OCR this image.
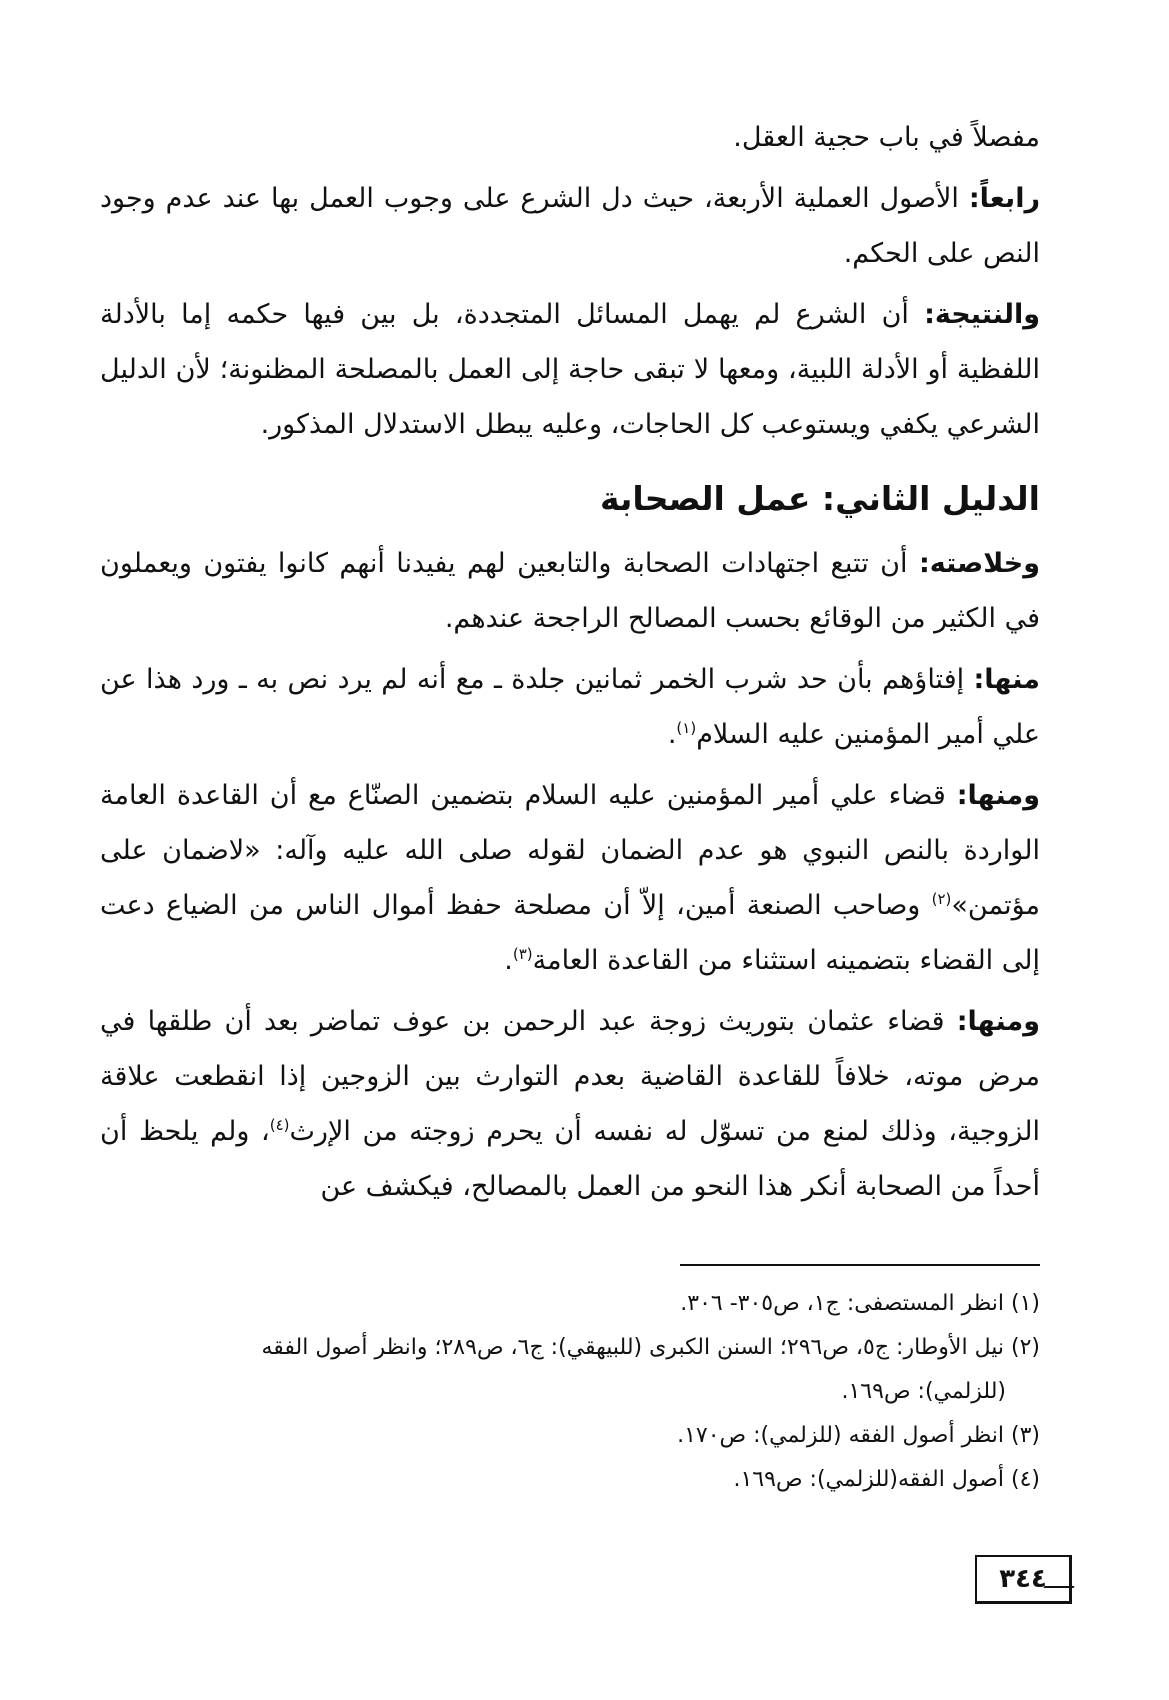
مفصلاً في باب حجية العقل.

رابعاً: الأصول العملية الأربعة، حيث دل الشرع على وجوب العمل بها عند عدم وجود النص على الحكم.

والنتيجة: أن الشرع لم يهمل المسائل المتجددة، بل بين فيها حكمه إما بالأدلة اللفظية أو الأدلة اللبية، ومعها لا تبقى حاجة إلى العمل بالمصلحة المظنونة؛ لأن الدليل الشرعي يكفي ويستوعب كل الحاجات، وعليه يبطل الاستدلال المذكور.

الدليل الثاني: عمل الصحابة

وخلاصته: أن تتبع اجتهادات الصحابة والتابعين لهم يفيدنا أنهم كانوا يفتون ويعملون في الكثير من الوقائع بحسب المصالح الراجحة عندهم.

منها: إفتاؤهم بأن حد شرب الخمر ثمانين جلدة ـ مع أنه لم يرد نص به ـ ورد هذا عن علي أمير المؤمنين عليه السلام$^{(١)}$.

ومنها: قضاء علي أمير المؤمنين عليه السلام بتضمين الصنّاع مع أن القاعدة العامة الواردة بالنص النبوي هو عدم الضمان لقوله صلى الله عليه وآله: «لاضمان على مؤتمن»$^{(٢)}$ وصاحب الصنعة أمين، إلاّ أن مصلحة حفظ أموال الناس من الضياع دعت إلى القضاء بتضمينه استثناء من القاعدة العامة$^{(٣)}$.

ومنها: قضاء عثمان بتوريث زوجة عبد الرحمن بن عوف تماضر بعد أن طلقها في مرض موته، خلافاً للقاعدة القاضية بعدم التوارث بين الزوجين إذا انقطعت علاقة الزوجية، وذلك لمنع من تسوّل له نفسه أن يحرم زوجته من الإرث$^{(٤)}$، ولم يلحظ أن أحداً من الصحابة أنكر هذا النحو من العمل بالمصالح، فيكشف عن

(١) انظر المستصفى: ج١، ص٣٠٥- ٣٠٦.

(٢) نيل الأوطار: ج٥، ص٢٩٦؛ السنن الكبرى (للبيهقي): ج٦، ص٢٨٩؛ وانظر أصول الفقه

(للزلمي): ص١٦٩.

(٣) انظر أصول الفقه (للزلمي): ص١٧٠.

(٤) أصول الفقه(للزلمي): ص١٦٩.

٣٤٤
